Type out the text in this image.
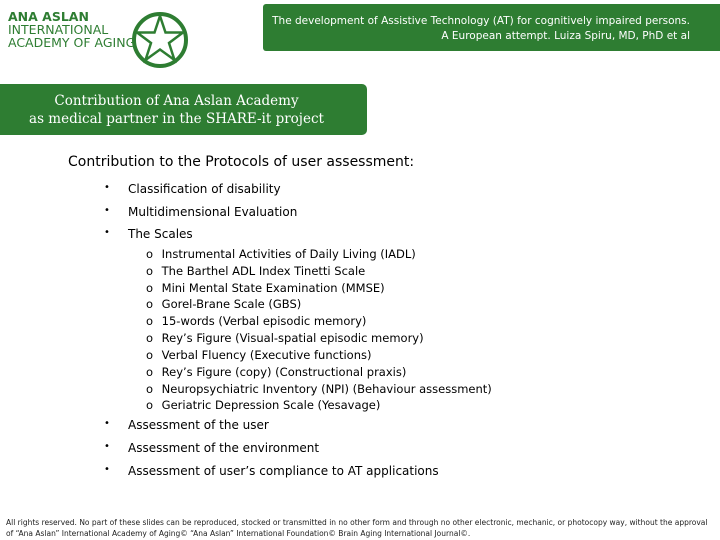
ANA ASLAN
INTERNATIONAL
ACADEMY OF AGING
The development of Assistive Technology (AT) for cognitively impaired persons.
A European attempt. Luiza Spiru, MD, PhD et al
Contribution of Ana Aslan Academy
as medical partner in the SHARE-it project
Contribution to the Protocols of user assessment:
• Classification of disability
• Multidimensional Evaluation
• The Scales
o Instrumental Activities of Daily Living (IADL)
o The Barthel ADL Index Tinetti Scale
o Mini Mental State Examination (MMSE)
o Gorel-Brane Scale (GBS)
o 15-words (Verbal episodic memory)
o Rey’s Figure (Visual-spatial episodic memory)
o Verbal Fluency (Executive functions)
o Rey’s Figure (copy) (Constructional praxis)
o Neuropsychiatric Inventory (NPI) (Behaviour assessment)
o Geriatric Depression Scale (Yesavage)
• Assessment of the user
• Assessment of the environment
• Assessment of user’s compliance to AT applications
All rights reserved. No part of these slides can be reproduced, stocked or transmitted in no other form and through no other electronic, mechanic, or photocopy way, without the approval of “Ana Aslan” International Academy of Aging© “Ana Aslan” International Foundation© Brain Aging International Journal©.
